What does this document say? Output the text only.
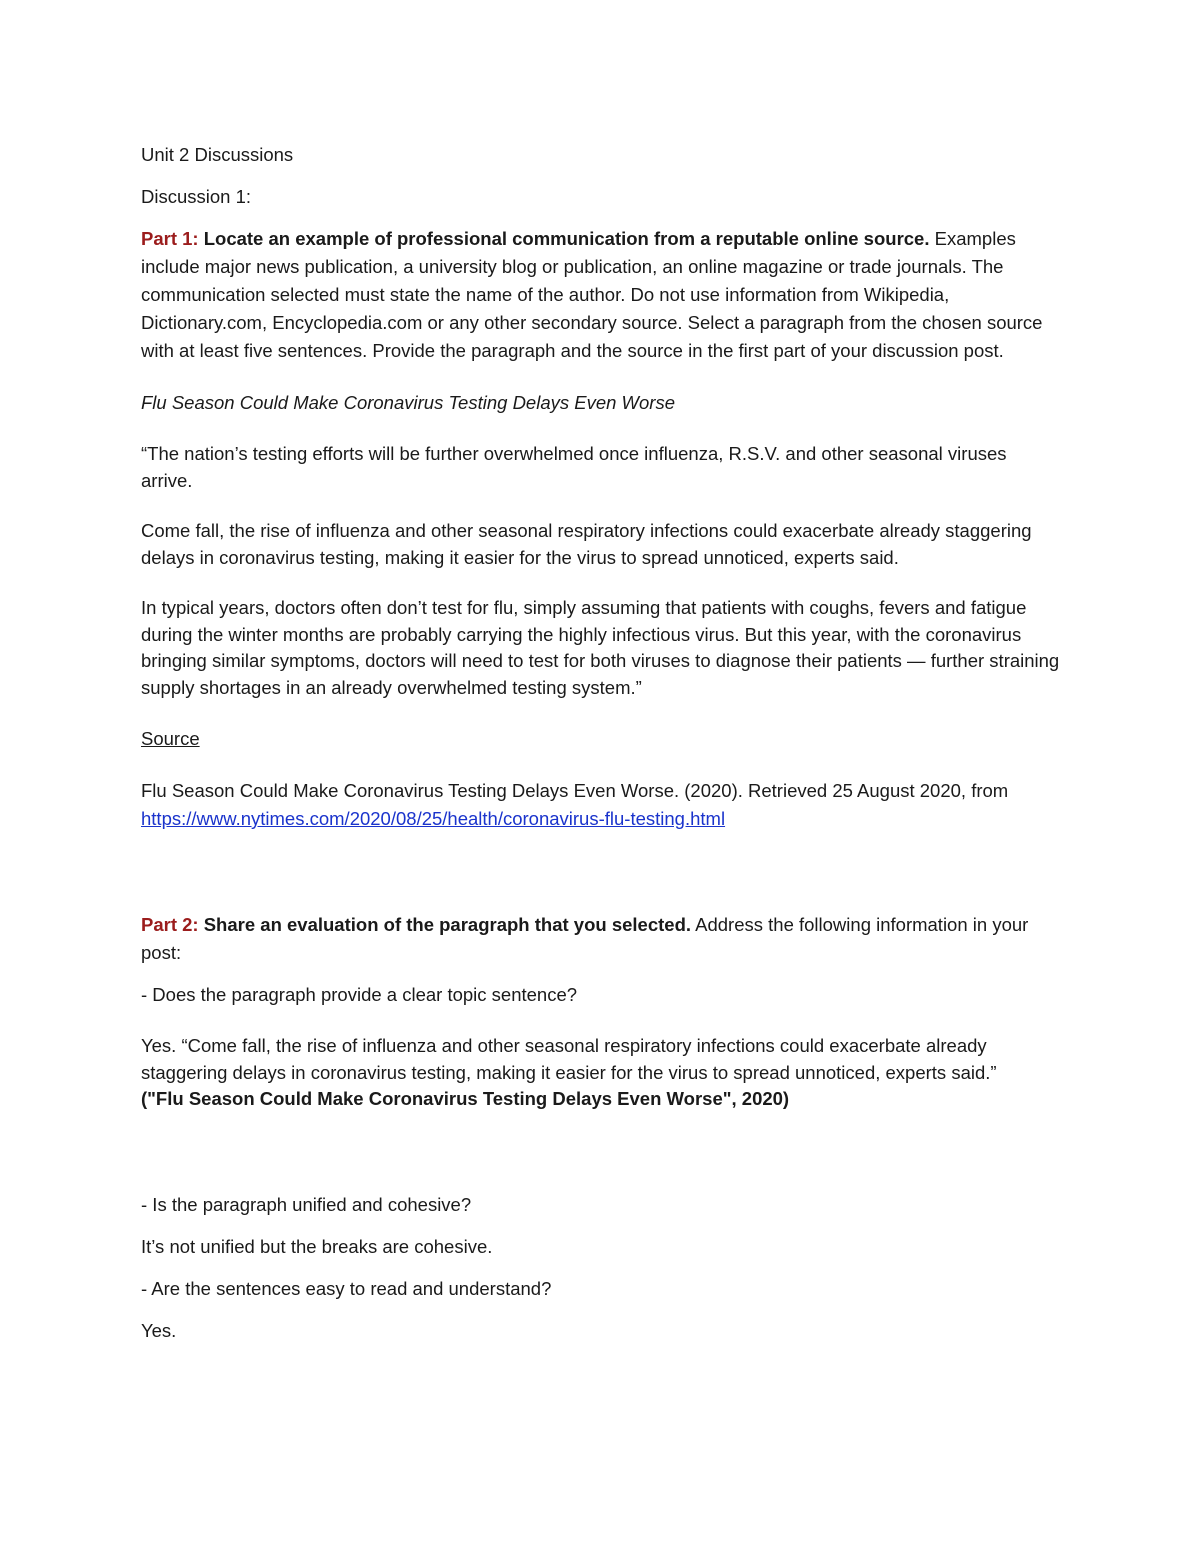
Unit 2 Discussions

Discussion 1:

Part 1: Locate an example of professional communication from a reputable online source. Examples include major news publication, a university blog or publication, an online magazine or trade journals. The communication selected must state the name of the author. Do not use information from Wikipedia, Dictionary.com, Encyclopedia.com or any other secondary source. Select a paragraph from the chosen source with at least five sentences. Provide the paragraph and the source in the first part of your discussion post.

Flu Season Could Make Coronavirus Testing Delays Even Worse

“The nation’s testing efforts will be further overwhelmed once influenza, R.S.V. and other seasonal viruses arrive.

Come fall, the rise of influenza and other seasonal respiratory infections could exacerbate already staggering delays in coronavirus testing, making it easier for the virus to spread unnoticed, experts said.

In typical years, doctors often don’t test for flu, simply assuming that patients with coughs, fevers and fatigue during the winter months are probably carrying the highly infectious virus. But this year, with the coronavirus bringing similar symptoms, doctors will need to test for both viruses to diagnose their patients — further straining supply shortages in an already overwhelmed testing system.”

Source

Flu Season Could Make Coronavirus Testing Delays Even Worse. (2020). Retrieved 25 August 2020, from
https://www.nytimes.com/2020/08/25/health/coronavirus-flu-testing.html

Part 2: Share an evaluation of the paragraph that you selected. Address the following information in your post:

- Does the paragraph provide a clear topic sentence?

Yes. “Come fall, the rise of influenza and other seasonal respiratory infections could exacerbate already staggering delays in coronavirus testing, making it easier for the virus to spread unnoticed, experts said.”
("Flu Season Could Make Coronavirus Testing Delays Even Worse", 2020)

- Is the paragraph unified and cohesive?

It’s not unified but the breaks are cohesive.

- Are the sentences easy to read and understand?

Yes.
